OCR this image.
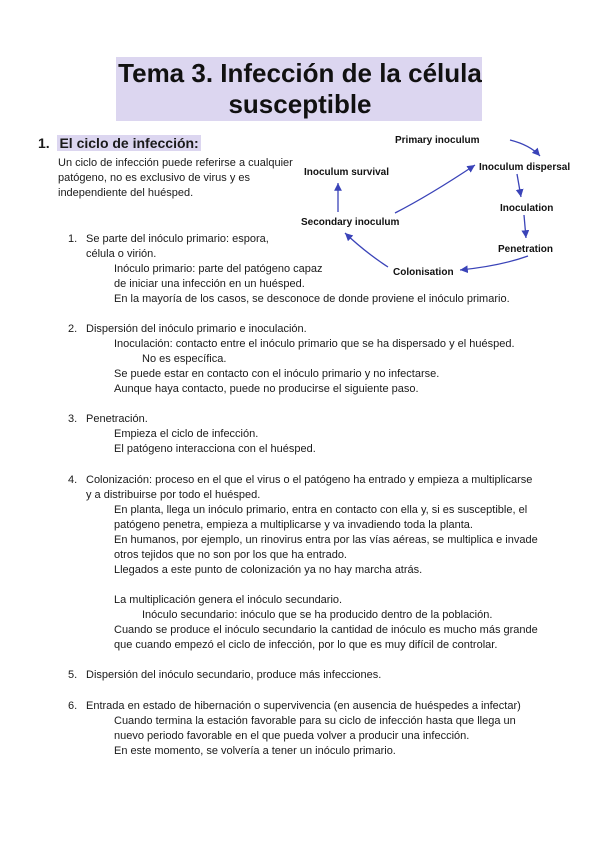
Tema 3. Infección de la célula susceptible
1. El ciclo de infección:

Un ciclo de infección puede referirse a cualquier patógeno, no es exclusivo de virus y es independiente del huésped.

Primary inoculum
Inoculum dispersal
Inoculation
Penetration
Colonisation
Secondary inoculum
Inoculum survival
1. Se parte del inóculo primario: espora,

célula o virión.

Inóculo primario: parte del patógeno capaz

de iniciar una infección en un huésped.

En la mayoría de los casos, se desconoce de donde proviene el inóculo primario.

2. Dispersión del inóculo primario e inoculación.

Inoculación: contacto entre el inóculo primario que se ha dispersado y el huésped.

No es específica.

Se puede estar en contacto con el inóculo primario y no infectarse.

Aunque haya contacto, puede no producirse el siguiente paso.

3. Penetración.

Empieza el ciclo de infección.

El patógeno interacciona con el huésped.

4. Colonización: proceso en el que el virus o el patógeno ha entrado y empieza a multiplicarse

y a distribuirse por todo el huésped.

En planta, llega un inóculo primario, entra en contacto con ella y, si es susceptible, el

patógeno penetra, empieza a multiplicarse y va invadiendo toda la planta.

En humanos, por ejemplo, un rinovirus entra por las vías aéreas, se multiplica e invade

otros tejidos que no son por los que ha entrado.

Llegados a este punto de colonización ya no hay marcha atrás.

La multiplicación genera el inóculo secundario.

Inóculo secundario: inóculo que se ha producido dentro de la población.

Cuando se produce el inóculo secundario la cantidad de inóculo es mucho más grande

que cuando empezó el ciclo de infección, por lo que es muy difícil de controlar.

5. Dispersión del inóculo secundario, produce más infecciones.

6. Entrada en estado de hibernación o supervivencia (en ausencia de huéspedes a infectar)

Cuando termina la estación favorable para su ciclo de infección hasta que llega un

nuevo periodo favorable en el que pueda volver a producir una infección.

En este momento, se volvería a tener un inóculo primario.
